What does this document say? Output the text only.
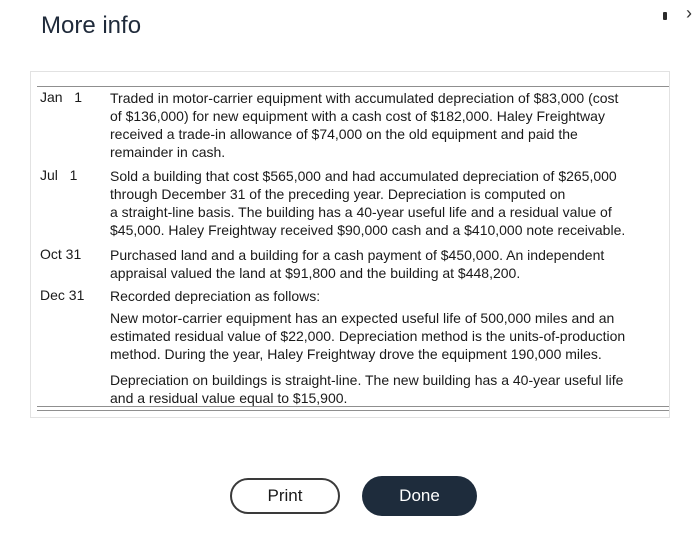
More info	›
Jan   1 Traded in motor-carrier equipment with accumulated depreciation of $83,000 (cost
of $136,000) for new equipment with a cash cost of $182,000. Haley Freightway
received a trade-in allowance of $74,000 on the old equipment and paid the
remainder in cash.
Jul   1 Sold a building that cost $565,000 and had accumulated depreciation of $265,000
through December 31 of the preceding year. Depreciation is computed on
a straight-line basis. The building has a 40-year useful life and a residual value of
$45,000. Haley Freightway received $90,000 cash and a $410,000 note receivable.
Oct 31 Purchased land and a building for a cash payment of $450,000. An independent
appraisal valued the land at $91,800 and the building at $448,200.
Dec 31 Recorded depreciation as follows:
New motor-carrier equipment has an expected useful life of 500,000 miles and an
estimated residual value of $22,000. Depreciation method is the units-of-production
method. During the year, Haley Freightway drove the equipment 190,000 miles.
Depreciation on buildings is straight-line. The new building has a 40-year useful life
and a residual value equal to $15,900.
Print	Done
